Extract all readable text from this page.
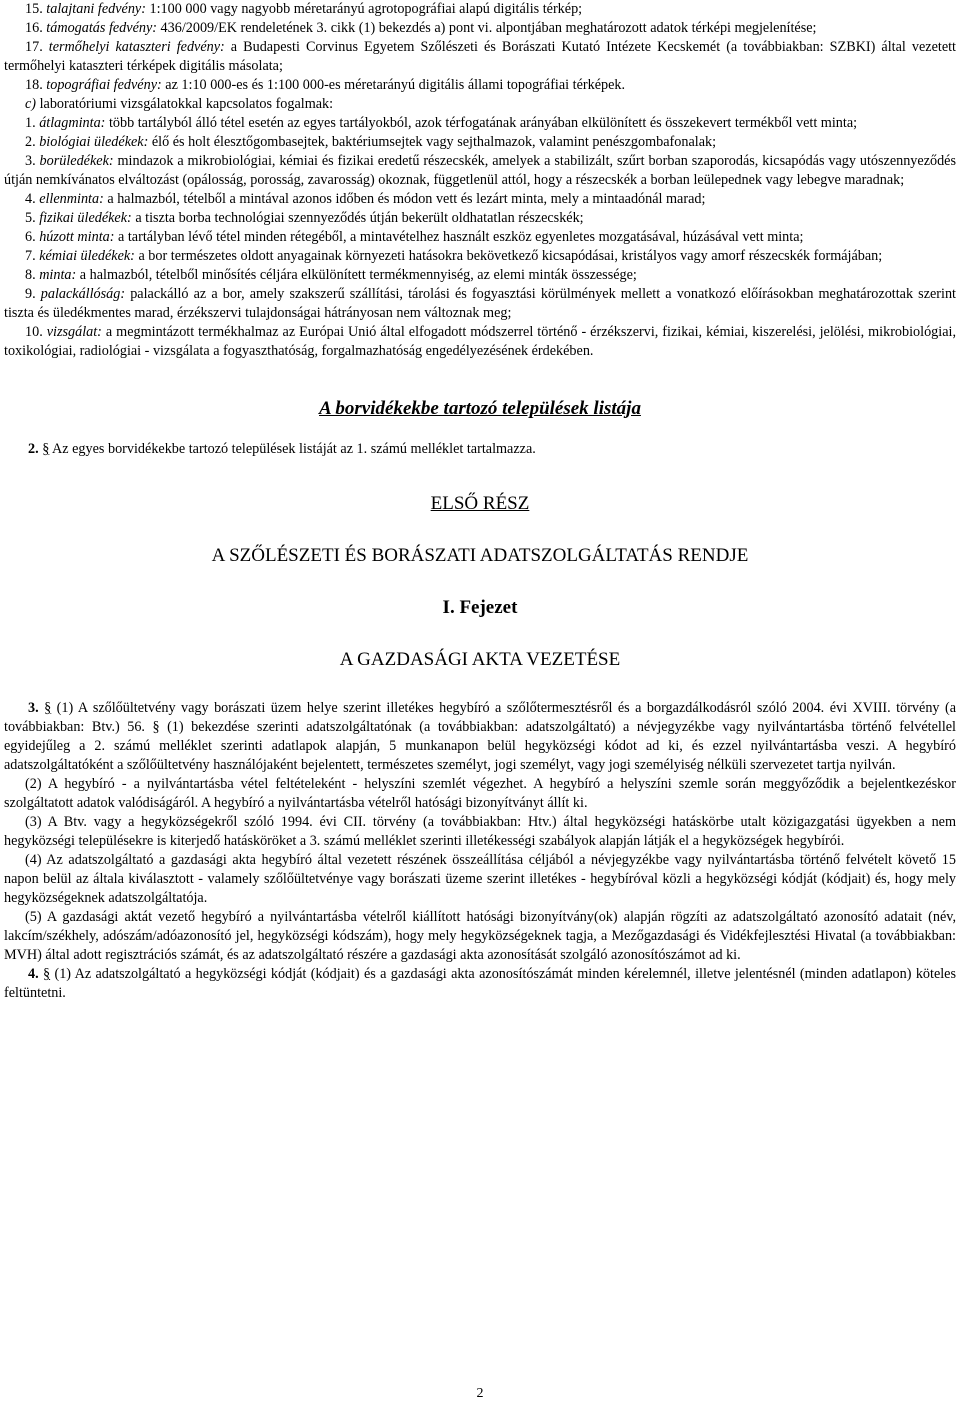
15. talajtani fedvény: 1:100 000 vagy nagyobb méretarányú agrotopográfiai alapú digitális térkép;

16. támogatás fedvény: 436/2009/EK rendeletének 3. cikk (1) bekezdés a) pont vi. alpontjában meghatározott adatok térképi megjelenítése;

17. termőhelyi kataszteri fedvény: a Budapesti Corvinus Egyetem Szőlészeti és Borászati Kutató Intézete Kecskemét (a továbbiakban: SZBKI) által vezetett termőhelyi kataszteri térképek digitális másolata;

18. topográfiai fedvény: az 1:10 000-es és 1:100 000-es méretarányú digitális állami topográfiai térképek.

c) laboratóriumi vizsgálatokkal kapcsolatos fogalmak:

1. átlagminta: több tartályból álló tétel esetén az egyes tartályokból, azok térfogatának arányában elkülönített és összekevert termékből vett minta;

2. biológiai üledékek: élő és holt élesztőgombasejtek, baktériumsejtek vagy sejthalmazok, valamint penészgombafonalak;

3. borüledékek: mindazok a mikrobiológiai, kémiai és fizikai eredetű részecskék, amelyek a stabilizált, szűrt borban szaporodás, kicsapódás vagy utószennyeződés útján nemkívánatos elváltozást (opálosság, porosság, zavarosság) okoznak, függetlenül attól, hogy a részecskék a borban leülepednek vagy lebegve maradnak;

4. ellenminta: a halmazból, tételből a mintával azonos időben és módon vett és lezárt minta, mely a mintaadónál marad;

5. fizikai üledékek: a tiszta borba technológiai szennyeződés útján bekerült oldhatatlan részecskék;

6. húzott minta: a tartályban lévő tétel minden rétegéből, a mintavételhez használt eszköz egyenletes mozgatásával, húzásával vett minta;

7. kémiai üledékek: a bor természetes oldott anyagainak környezeti hatásokra bekövetkező kicsapódásai, kristályos vagy amorf részecskék formájában;

8. minta: a halmazból, tételből minősítés céljára elkülönített termékmennyiség, az elemi minták összessége;

9. palackállóság: palackálló az a bor, amely szakszerű szállítási, tárolási és fogyasztási körülmények mellett a vonatkozó előírásokban meghatározottak szerint tiszta és üledékmentes marad, érzékszervi tulajdonságai hátrányosan nem változnak meg;

10. vizsgálat: a megmintázott termékhalmaz az Európai Unió által elfogadott módszerrel történő - érzékszervi, fizikai, kémiai, kiszerelési, jelölési, mikrobiológiai, toxikológiai, radiológiai - vizsgálata a fogyaszthatóság, forgalmazhatóság engedélyezésének érdekében.

A borvidékekbe tartozó települések listája

2. § Az egyes borvidékekbe tartozó települések listáját az 1. számú melléklet tartalmazza.

ELSŐ RÉSZ

A SZŐLÉSZETI ÉS BORÁSZATI ADATSZOLGÁLTATÁS RENDJE

I. Fejezet

A GAZDASÁGI AKTA VEZETÉSE

3. § (1) A szőlőültetvény vagy borászati üzem helye szerint illetékes hegybíró a szőlőtermesztésről és a borgazdálkodásról szóló 2004. évi XVIII. törvény (a továbbiakban: Btv.) 56. § (1) bekezdése szerinti adatszolgáltatónak (a továbbiakban: adatszolgáltató) a névjegyzékbe vagy nyilvántartásba történő felvétellel egyidejűleg a 2. számú melléklet szerinti adatlapok alapján, 5 munkanapon belül hegyközségi kódot ad ki, és ezzel nyilvántartásba veszi. A hegybíró adatszolgáltatóként a szőlőültetvény használójaként bejelentett, természetes személyt, jogi személyt, vagy jogi személyiség nélküli szervezetet tartja nyilván.

(2) A hegybíró - a nyilvántartásba vétel feltételeként - helyszíni szemlét végezhet. A hegybíró a helyszíni szemle során meggyőződik a bejelentkezéskor szolgáltatott adatok valódiságáról. A hegybíró a nyilvántartásba vételről hatósági bizonyítványt állít ki.

(3) A Btv. vagy a hegyközségekről szóló 1994. évi CII. törvény (a továbbiakban: Htv.) által hegyközségi hatáskörbe utalt közigazgatási ügyekben a nem hegyközségi településekre is kiterjedő hatásköröket a 3. számú melléklet szerinti illetékességi szabályok alapján látják el a hegyközségek hegybírói.

(4) Az adatszolgáltató a gazdasági akta hegybíró által vezetett részének összeállítása céljából a névjegyzékbe vagy nyilvántartásba történő felvételt követő 15 napon belül az általa kiválasztott - valamely szőlőültetvénye vagy borászati üzeme szerint illetékes - hegybíróval közli a hegyközségi kódját (kódjait) és, hogy mely hegyközségeknek adatszolgáltatója.

(5) A gazdasági aktát vezető hegybíró a nyilvántartásba vételről kiállított hatósági bizonyítvány(ok) alapján rögzíti az adatszolgáltató azonosító adatait (név, lakcím/székhely, adószám/adóazonosító jel, hegyközségi kódszám), hogy mely hegyközségeknek tagja, a Mezőgazdasági és Vidékfejlesztési Hivatal (a továbbiakban: MVH) által adott regisztrációs számát, és az adatszolgáltató részére a gazdasági akta azonosítását szolgáló azonosítószámot ad ki.

4. § (1) Az adatszolgáltató a hegyközségi kódját (kódjait) és a gazdasági akta azonosítószámát minden kérelemnél, illetve jelentésnél (minden adatlapon) köteles feltüntetni.

2
